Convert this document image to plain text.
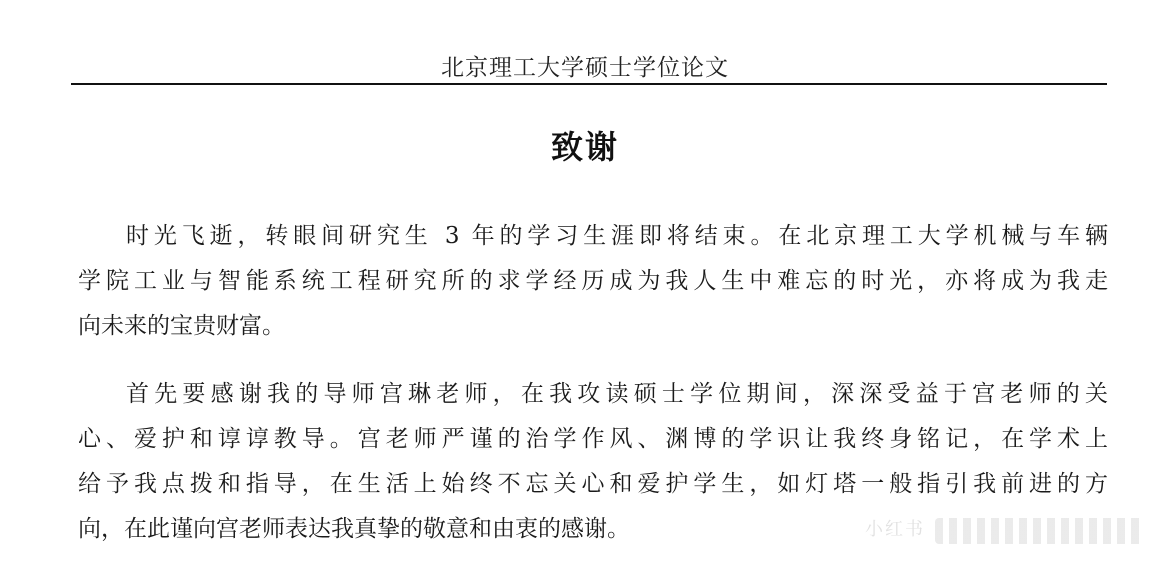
北京理工大学硕士学位论文
致谢
时光飞逝，转眼间研究生 3 年的学习生涯即将结束。在北京理工大学机械与车辆
学院工业与智能系统工程研究所的求学经历成为我人生中难忘的时光，亦将成为我走
向未来的宝贵财富。
首先要感谢我的导师宫琳老师，在我攻读硕士学位期间，深深受益于宫老师的关
心、爱护和谆谆教导。宫老师严谨的治学作风、渊博的学识让我终身铭记，在学术上
给予我点拨和指导，在生活上始终不忘关心和爱护学生，如灯塔一般指引我前进的方
向，在此谨向宫老师表达我真挚的敬意和由衷的感谢。	小红书
